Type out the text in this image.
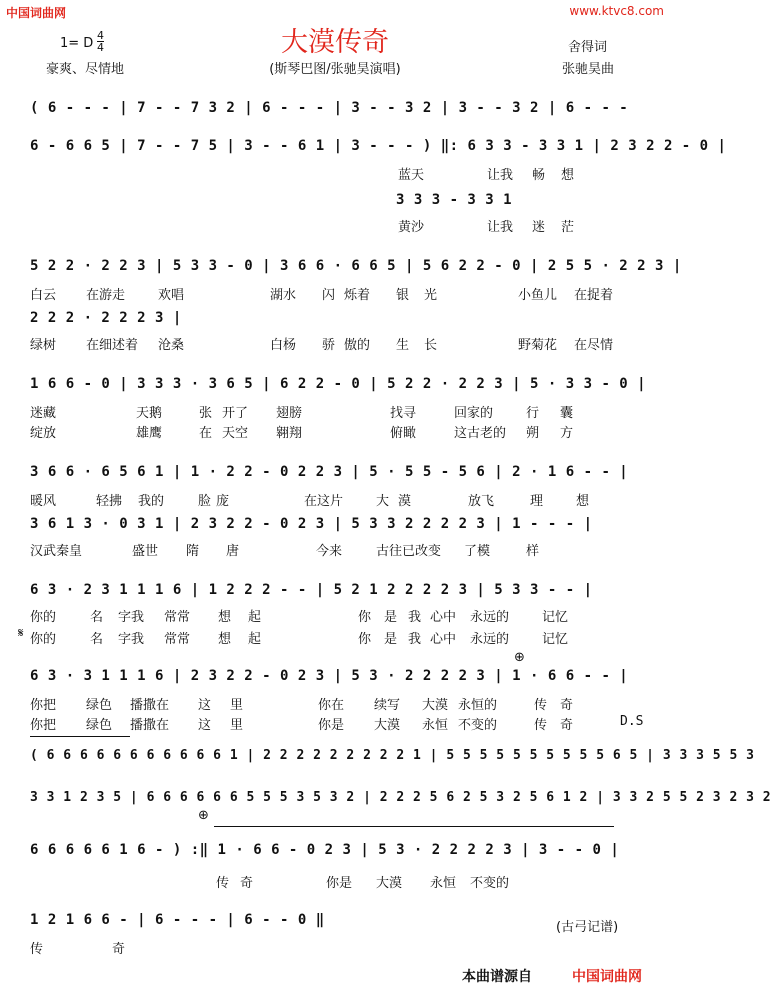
中国词曲网	www.ktvc8.com
大漠传奇
1= D
4
4
豪爽、尽情地	(斯琴巴图/张驰昊演唱)
舍得词
张驰昊曲
( 6 - - - | 7 - - 7 3 2 | 6 - - - | 3 - - 3 2 | 3 - - 3 2 | 6 - - -
6 - 6 6 5 | 7 - - 7 5 | 3 - - 6 1 | 3 - - - ) ‖: 6 3 3 - 3 3 1 | 2 3 2 2 - 0 |
蓝天	让我 畅 想
3 3 3 - 3 3 1
黄沙	让我 迷 茫
5 2 2 · 2 2 3 | 5 3 3 - 0 | 3 6 6 · 6 6 5 | 5 6 2 2 - 0 | 2 5 5 · 2 2 3 |
白云 在游走	欢唱	湖水 闪 烁着 银 光	小鱼儿 在捉着
2 2 2 · 2 2 2 3 |
绿树 在细述着 沧桑	白杨 骄 傲的 生 长	野菊花 在尽情
1 6 6 - 0 | 3 3 3 · 3 6 5 | 6 2 2 - 0 | 5 2 2 · 2 2 3 | 5 · 3 3 - 0 |
迷藏	天鹅	张 开了 翅膀	找寻	回家的	行 囊
绽放	雄鹰	在 天空 翱翔	俯瞰	这古老的 朔 方
3 6 6 · 6 5 6 1 | 1 · 2 2 - 0 2 2 3 | 5 · 5 5 - 5 6 | 2 · 1 6 - - |
暖风	轻拂 我的	脸 庞	在这片	大 漠	放飞	理	想
3 6 1 3 · 0 3 1 | 2 3 2 2 - 0 2 3 | 5 3 3 2 2 2 2 3 | 1 - - - |
汉武秦皇	盛世 隋 唐	今来	古往已改变 了模	样
6 3 · 2 3 1 1 1 6 | 1 2 2 2 - - | 5 2 1 2 2 2 2 3 | 5 3 3 - - |
你的	名 字我 常常 想 起	你 是 我 心中 永远的	记忆
𝄋 你的	名 字我 常常 想 起	你 是 我 心中 永远的	记忆
⊕
6 3 · 3 1 1 1 6 | 2 3 2 2 - 0 2 3 | 5 3 · 2 2 2 2 3 | 1 · 6 6 - - |
你把 绿色 播撒在 这 里	你在 续写 大漠 永恒的	传 奇
你把 绿色 播撒在 这 里	你是 大漠 永恒 不变的	传 奇	D.S
( 6 6 6 6 6 6 6 6 6 6 6 1 | 2 2 2 2 2 2 2 2 2 1 | 5 5 5 5 5 5 5 5 5 5 6 5 | 3 3 3 5 5 3
3 3 1 2 3 5 | 6 6 6 6 6 6 5 5 5 3 5 3 2 | 2 2 2 5 6 2 5 3 2 5 6 1 2 | 3 3 2 5 5 2 3 2 3 2
⊕
6 6 6 6 6 1 6 - ) :‖ 1 · 6 6 - 0 2 3 | 5 3 · 2 2 2 2 3 | 3 - - 0 |
传 奇	你是 大漠 永恒 不变的
1 2 1 6 6 - | 6 - - - | 6 - - 0 ‖
传	奇
(古弓记谱)
本曲谱源自	中国词曲网
